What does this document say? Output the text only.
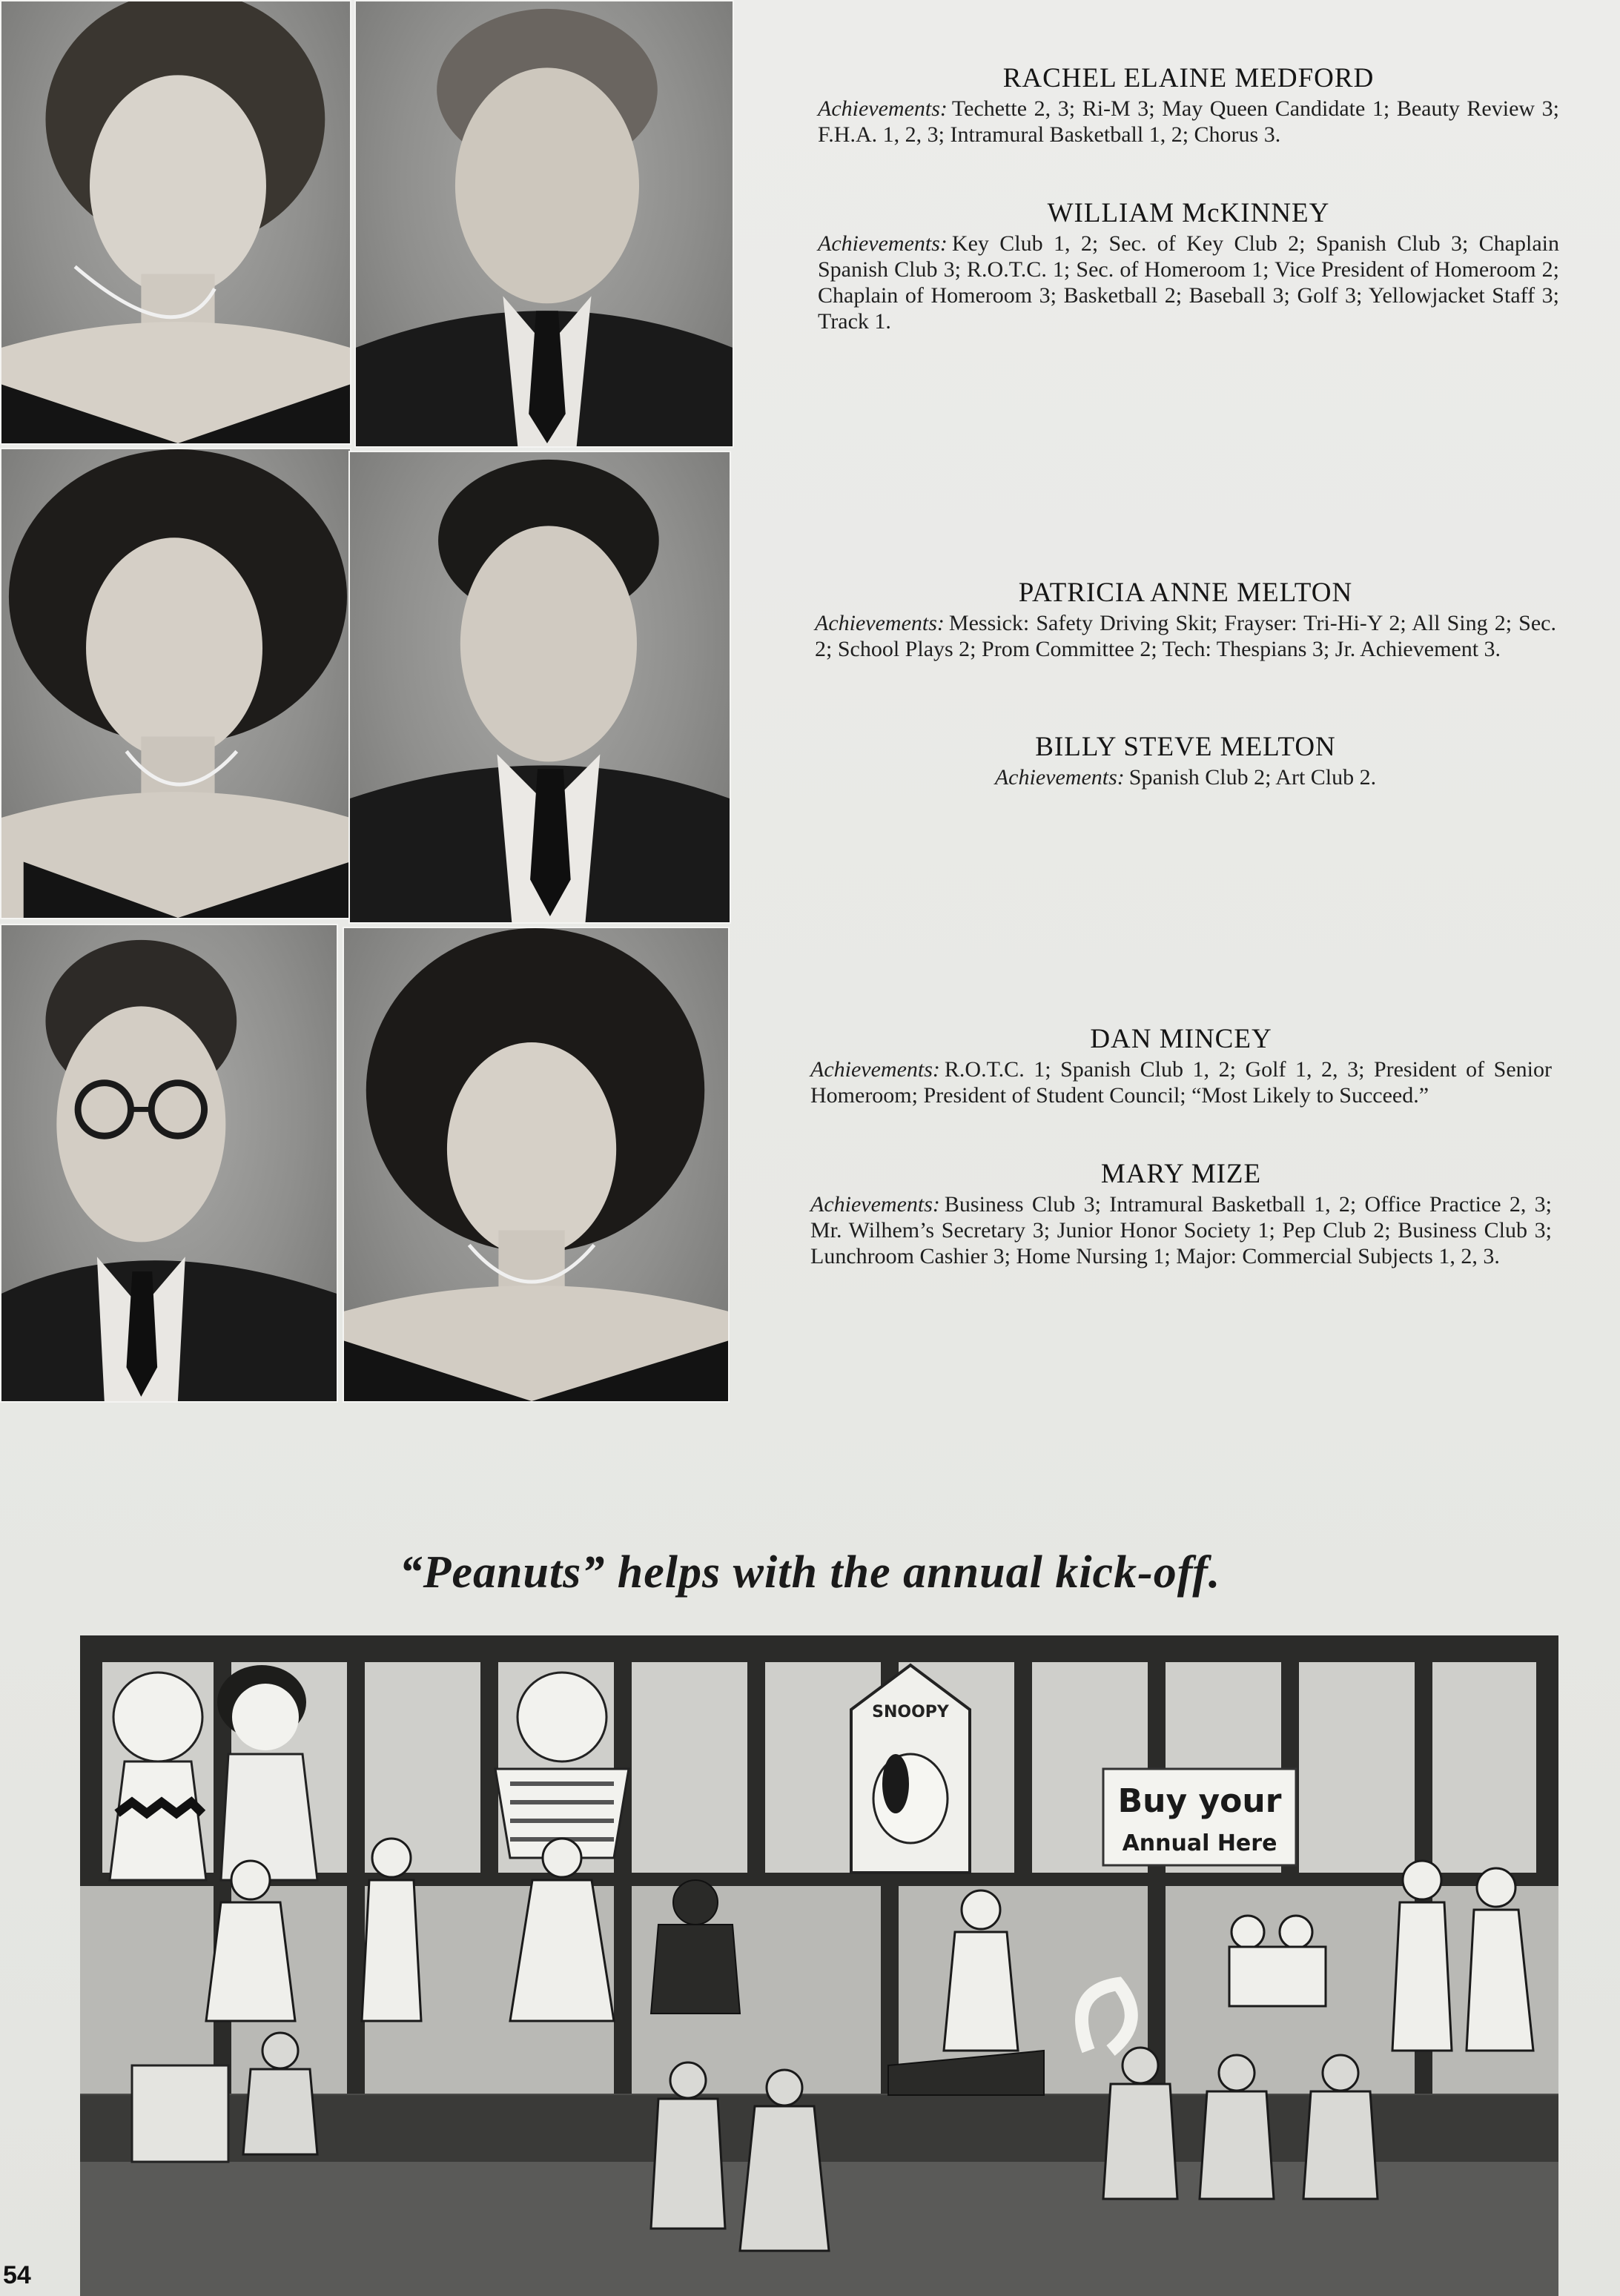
RACHEL ELAINE MEDFORD
Achievements: Techette 2, 3; Ri-M 3; May Queen Candidate 1; Beauty Review 3; F.H.A. 1, 2, 3; Intramural Basketball 1, 2; Chorus 3.
WILLIAM McKINNEY
Achievements: Key Club 1, 2; Sec. of Key Club 2; Spanish Club 3; Chaplain Spanish Club 3; R.O.T.C. 1; Sec. of Homeroom 1; Vice President of Homeroom 2; Chaplain of Homeroom 3; Basketball 2; Baseball 3; Golf 3; Yellowjacket Staff 3; Track 1.
PATRICIA ANNE MELTON
Achievements: Messick: Safety Driving Skit; Frayser: Tri-Hi-Y 2; All Sing 2; Sec. 2; School Plays 2; Prom Committee 2; Tech: Thespians 3; Jr. Achievement 3.
BILLY STEVE MELTON
Achievements: Spanish Club 2; Art Club 2.
DAN MINCEY
Achievements: R.O.T.C. 1; Spanish Club 1, 2; Golf 1, 2, 3; President of Senior Homeroom; President of Student Council; “Most Likely to Succeed.”
MARY MIZE
Achievements: Business Club 3; Intramural Basketball 1, 2; Office Practice 2, 3; Mr. Wilhem’s Secretary 3; Junior Honor Society 1; Pep Club 2; Business Club 3; Lunchroom Cashier 3; Home Nursing 1; Major: Commercial Subjects 1, 2, 3.
“Peanuts” helps with the annual kick-off.
SNOOPY
Buy your
Annual Here
54
